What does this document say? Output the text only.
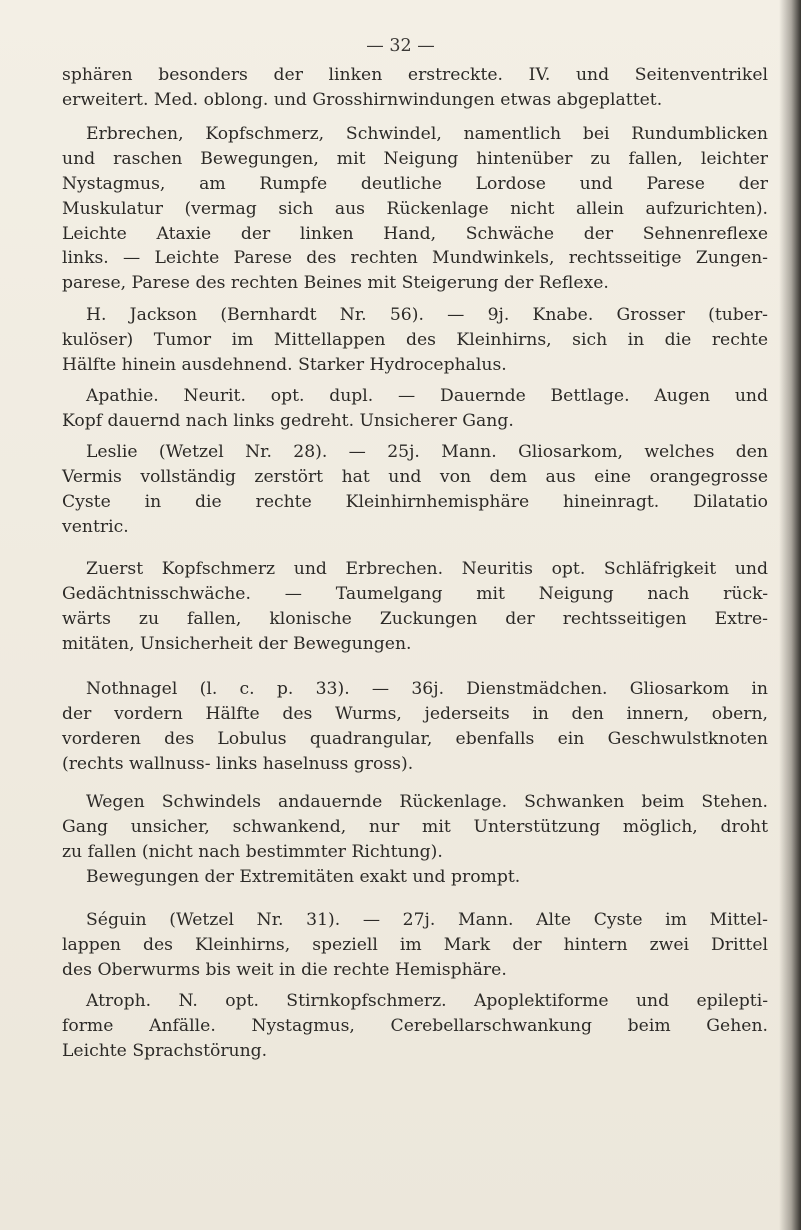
— 32 —
sphären besonders der linken erstreckte. IV. und Seitenventrikel
erweitert. Med. oblong. und Grosshirnwindungen etwas abgeplattet.
Erbrechen, Kopfschmerz, Schwindel, namentlich bei Rundumblicken
und raschen Bewegungen, mit Neigung hintenüber zu fallen, leichter
Nystagmus, am Rumpfe deutliche Lordose und Parese der
Muskulatur (vermag sich aus Rückenlage nicht allein aufzurichten).
Leichte Ataxie der linken Hand, Schwäche der Sehnenreflexe
links. — Leichte Parese des rechten Mundwinkels, rechtsseitige Zungen-
parese, Parese des rechten Beines mit Steigerung der Reflexe.
H. Jackson (Bernhardt Nr. 56). — 9j. Knabe. Grosser (tuber-
kulöser) Tumor im Mittellappen des Kleinhirns, sich in die rechte
Hälfte hinein ausdehnend. Starker Hydrocephalus.
Apathie. Neurit. opt. dupl. — Dauernde Bettlage. Augen und
Kopf dauernd nach links gedreht. Unsicherer Gang.
Leslie (Wetzel Nr. 28). — 25j. Mann. Gliosarkom, welches den
Vermis vollständig zerstört hat und von dem aus eine orangegrosse
Cyste in die rechte Kleinhirnhemisphäre hineinragt. Dilatatio
ventric.
Zuerst Kopfschmerz und Erbrechen. Neuritis opt. Schläfrigkeit und
Gedächtnisschwäche. — Taumelgang mit Neigung nach rück-
wärts zu fallen, klonische Zuckungen der rechtsseitigen Extre-
mitäten, Unsicherheit der Bewegungen.
Nothnagel (l. c. p. 33). — 36j. Dienstmädchen. Gliosarkom in
der vordern Hälfte des Wurms, jederseits in den innern, obern,
vorderen des Lobulus quadrangular, ebenfalls ein Geschwulstknoten
(rechts wallnuss- links haselnuss gross).
Wegen Schwindels andauernde Rückenlage. Schwanken beim Stehen.
Gang unsicher, schwankend, nur mit Unterstützung möglich, droht
zu fallen (nicht nach bestimmter Richtung).
Bewegungen der Extremitäten exakt und prompt.
Séguin (Wetzel Nr. 31). — 27j. Mann. Alte Cyste im Mittel-
lappen des Kleinhirns, speziell im Mark der hintern zwei Drittel
des Oberwurms bis weit in die rechte Hemisphäre.
Atroph. N. opt. Stirnkopfschmerz. Apoplektiforme und epilepti-
forme Anfälle. Nystagmus, Cerebellarschwankung beim Gehen.
Leichte Sprachstörung.
